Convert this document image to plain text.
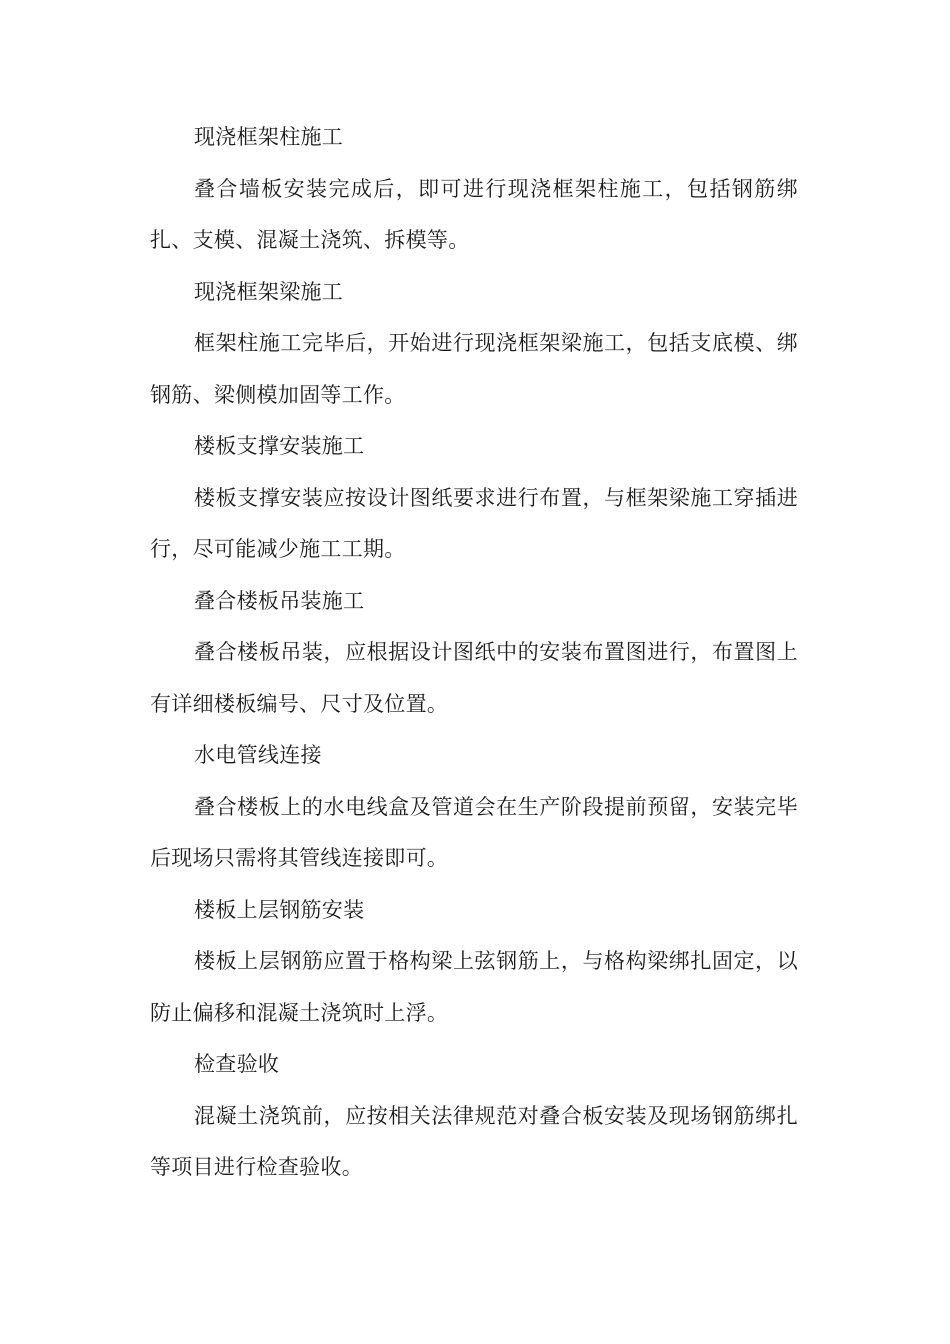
现浇框架柱施工

叠合墙板安装完成后，即可进行现浇框架柱施工，包括钢筋绑扎、支模、混凝土浇筑、拆模等。

现浇框架梁施工

框架柱施工完毕后，开始进行现浇框架梁施工，包括支底模、绑钢筋、梁侧模加固等工作。

楼板支撑安装施工

楼板支撑安装应按设计图纸要求进行布置，与框架梁施工穿插进行，尽可能减少施工工期。

叠合楼板吊装施工

叠合楼板吊装，应根据设计图纸中的安装布置图进行，布置图上有详细楼板编号、尺寸及位置。

水电管线连接

叠合楼板上的水电线盒及管道会在生产阶段提前预留，安装完毕后现场只需将其管线连接即可。

楼板上层钢筋安装

楼板上层钢筋应置于格构梁上弦钢筋上，与格构梁绑扎固定，以防止偏移和混凝土浇筑时上浮。

检查验收

混凝土浇筑前，应按相关法律规范对叠合板安装及现场钢筋绑扎等项目进行检查验收。
